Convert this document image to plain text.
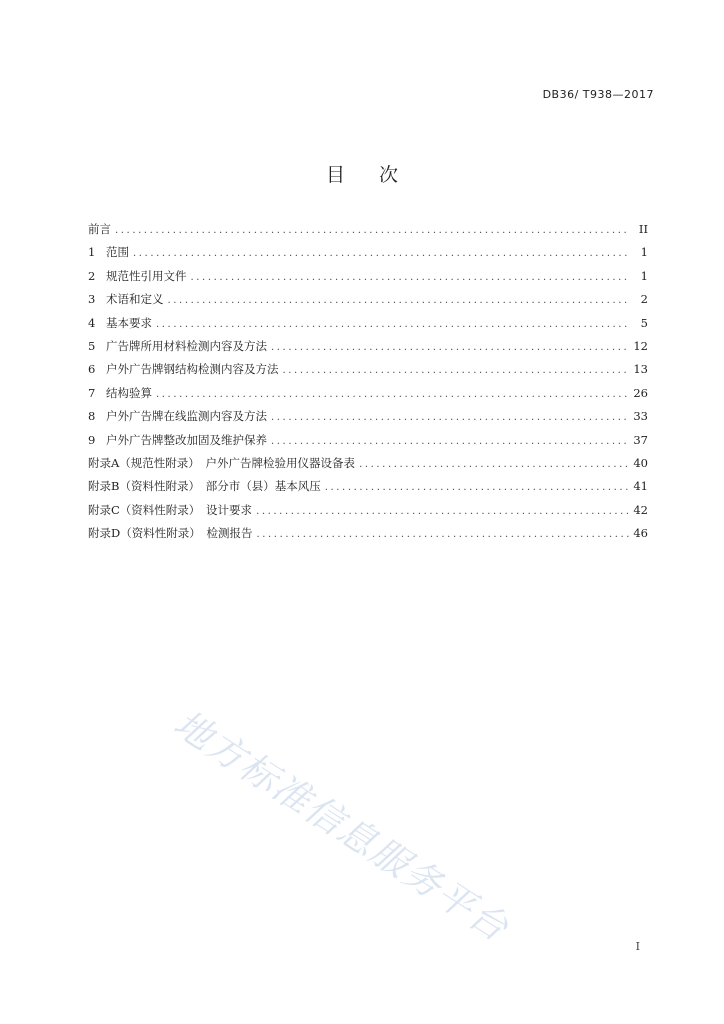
DB36/ T938—2017
目次
前言 .....	II
1 范围 .....	1
2 规范性引用文件 .....	1
3 术语和定义 .....	2
4 基本要求 .....	5
5 广告牌所用材料检测内容及方法 .....	12
6 户外广告牌钢结构检测内容及方法 .....	13
7 结构验算 .....	26
8 户外广告牌在线监测内容及方法 .....	33
9 户外广告牌整改加固及维护保养 .....	37
附录A（规范性附录）　户外广告牌检验用仪器设备表 .....	40
附录B（资料性附录）　部分市（县）基本风压 .....	41
附录C（资料性附录）　设计要求 .....	42
附录D（资料性附录）　检测报告 .....	46
地方标准信息服务平台	I
